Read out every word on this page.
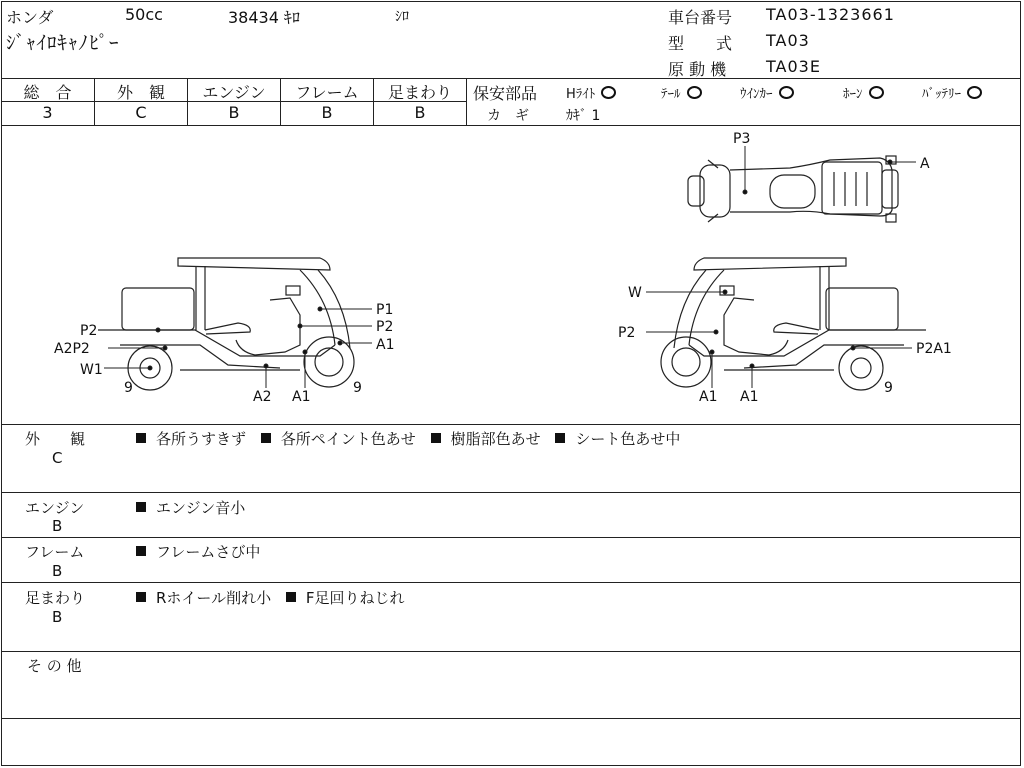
ホンダ	50cc	38434 ｷﾛ	ｼﾛ
ｼﾞｬｲﾛｷｬﾉﾋﾟｰ
車台番号 TA03-1323661
型　　式 TA03
原 動 機 TA03E
総　合
3
外　観
C
エンジン
B
フレーム
B
足まわり
B
保安部品 Hﾗｲﾄ	ﾃｰﾙ	ｳｲﾝｶｰ	ﾎｰﾝ	ﾊﾞｯﾃﾘｰ
カ　ギ	ｶｷﾞ 1
P3
A
P1
P2
A1
P2
A2P2
W1
9
A2 A1
9
W
P2
P2A1
A1 A1
9
外　　観
C
各所うすきず 各所ペイント色あせ 樹脂部色あせ シート色あせ中
エンジン
B
エンジン音小
フレーム
B
フレームさび中
足まわり
B
Rホイール削れ小 F足回りねじれ
そ の 他
